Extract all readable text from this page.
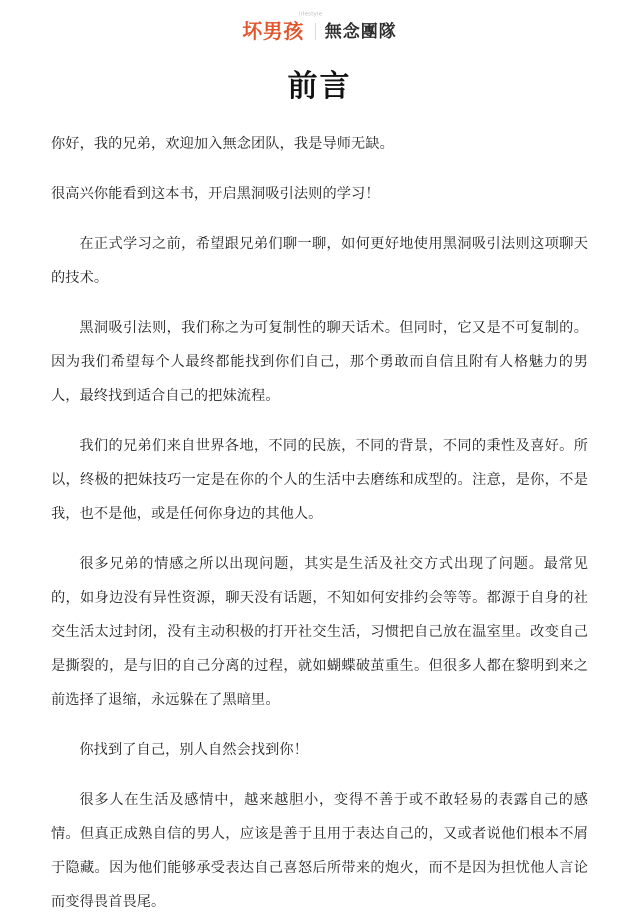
坏男孩
lifestyle
無念團隊
前言

你好，我的兄弟，欢迎加入無念团队，我是导师无缺。

很高兴你能看到这本书，开启黑洞吸引法则的学习！

在正式学习之前，希望跟兄弟们聊一聊，如何更好地使用黑洞吸引法则这项聊天的技术。

黑洞吸引法则，我们称之为可复制性的聊天话术。但同时，它又是不可复制的。因为我们希望每个人最终都能找到你们自己，那个勇敢而自信且附有人格魅力的男人，最终找到适合自己的把妹流程。

我们的兄弟们来自世界各地，不同的民族，不同的背景，不同的秉性及喜好。所以，终极的把妹技巧一定是在你的个人的生活中去磨练和成型的。注意，是你，不是我，也不是他，或是任何你身边的其他人。

很多兄弟的情感之所以出现问题，其实是生活及社交方式出现了问题。最常见的，如身边没有异性资源，聊天没有话题，不知如何安排约会等等。都源于自身的社交生活太过封闭，没有主动积极的打开社交生活，习惯把自己放在温室里。改变自己是撕裂的，是与旧的自己分离的过程，就如蝴蝶破茧重生。但很多人都在黎明到来之前选择了退缩，永远躲在了黑暗里。

你找到了自己，别人自然会找到你！

很多人在生活及感情中，越来越胆小，变得不善于或不敢轻易的表露自己的感情。但真正成熟自信的男人，应该是善于且用于表达自己的，又或者说他们根本不屑于隐藏。因为他们能够承受表达自己喜怒后所带来的炮火，而不是因为担忧他人言论而变得畏首畏尾。
